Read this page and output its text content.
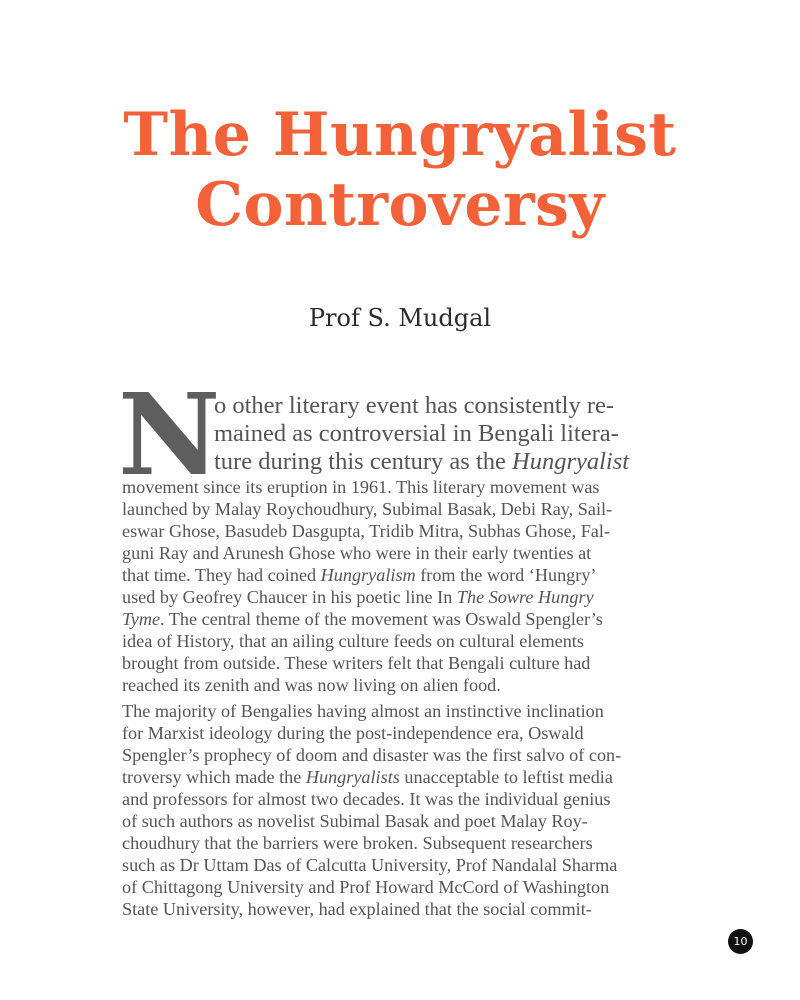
The Hungryalist
Controversy
Prof S. Mudgal
N
o other literary event has consistently re-
mained as controversial in Bengali litera-
ture during this century as the Hungryalist
movement since its eruption in 1961. This literary movement was
launched by Malay Roychoudhury, Subimal Basak, Debi Ray, Sail-
eswar Ghose, Basudeb Dasgupta, Tridib Mitra, Subhas Ghose, Fal-
guni Ray and Arunesh Ghose who were in their early twenties at
that time. They had coined Hungryalism from the word ‘Hungry’
used by Geofrey Chaucer in his poetic line In The Sowre Hungry
Tyme. The central theme of the movement was Oswald Spengler’s
idea of History, that an ailing culture feeds on cultural elements
brought from outside. These writers felt that Bengali culture had
reached its zenith and was now living on alien food.
The majority of Bengalies having almost an instinctive inclination
for Marxist ideology during the post-independence era, Oswald
Spengler’s prophecy of doom and disaster was the first salvo of con-
troversy which made the Hungryalists unacceptable to leftist media
and professors for almost two decades. It was the individual genius
of such authors as novelist Subimal Basak and poet Malay Roy-
choudhury that the barriers were broken. Subsequent researchers
such as Dr Uttam Das of Calcutta University, Prof Nandalal Sharma
of Chittagong University and Prof Howard McCord of Washington
State University, however, had explained that the social commit-
10
